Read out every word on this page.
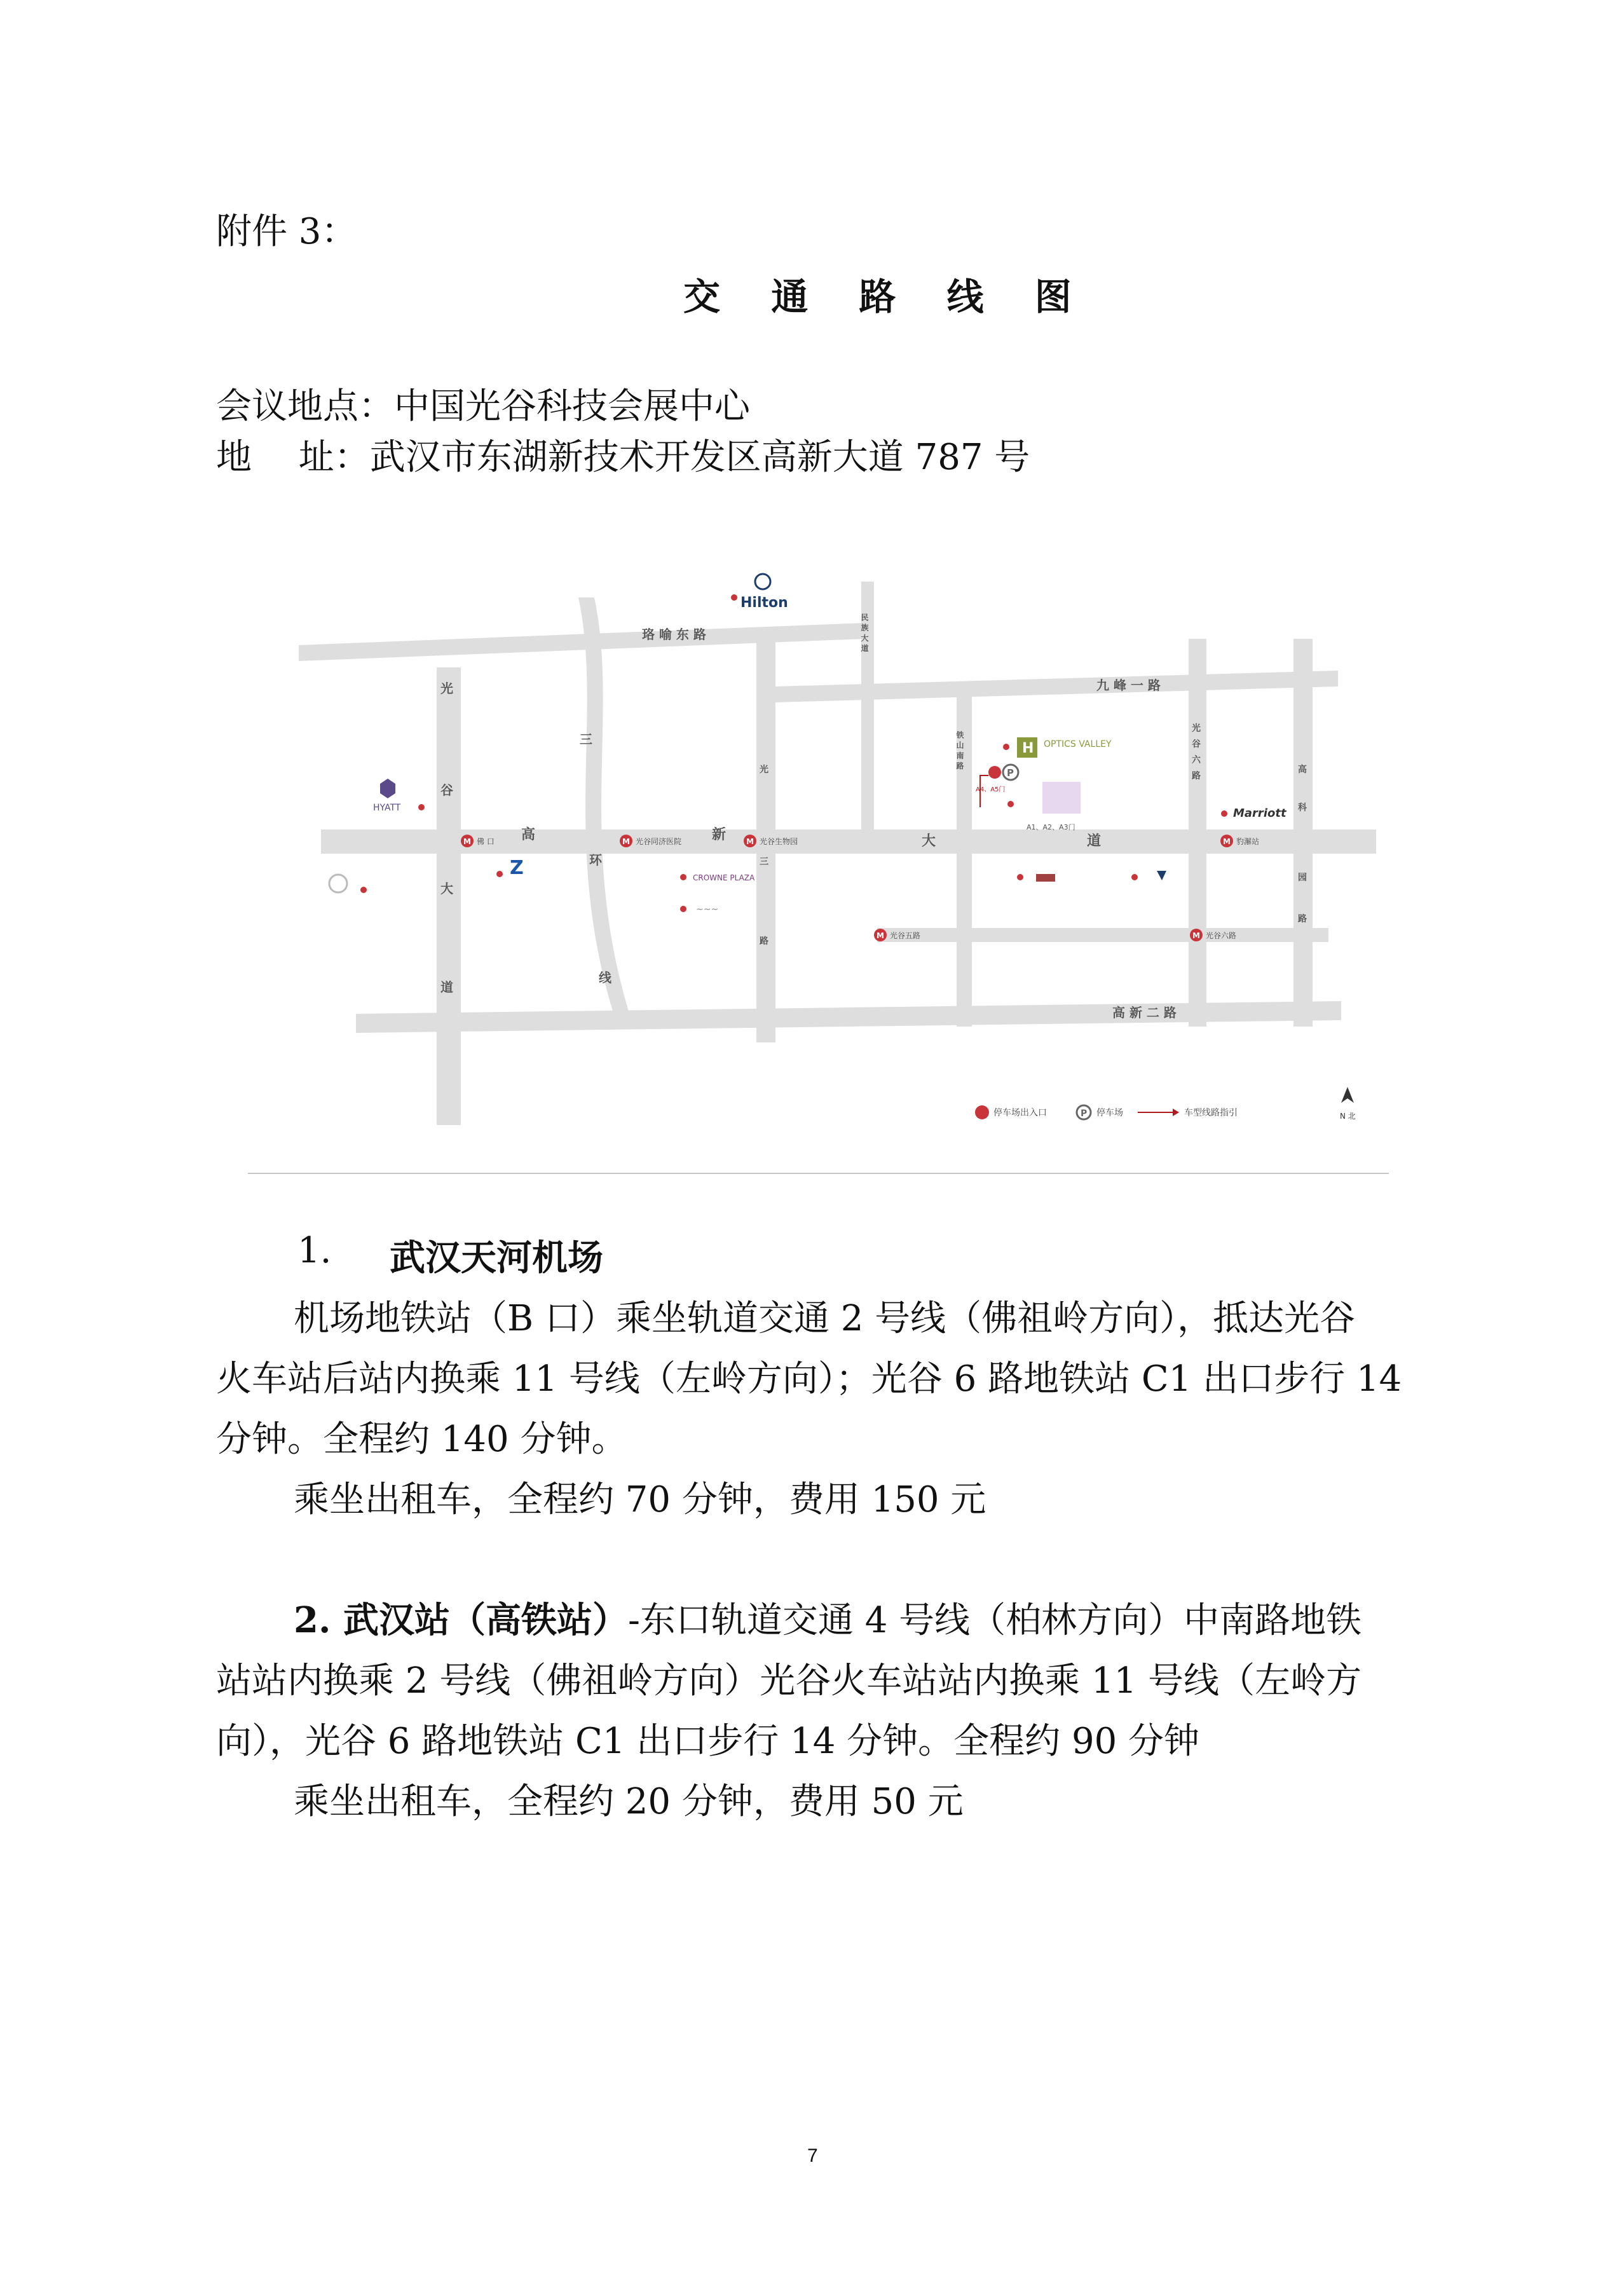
附件 3：
交 通 路 线 图
会议地点：中国光谷科技会展中心
地　 址：武汉市东湖新技术开发区高新大道 787 号
珞 喻 东 路
九 峰 一 路
高 新 二 路
光
谷
大
道
高	新	大	道
三
环
线
光
三
路
光
谷
六
路
高
科
园
路
铁 山 南 路
民 族 大 道
M 佛 口	M 光谷同济医院	M 光谷生物园
M 光谷五路	M 光谷六路
M 豹澥站
Hilton
HYATT
Z	CROWNE PLAZA
~~~
H OPTICS VALLEY
A1、A2、A3门
P
A4、A5门
Marriott
停车场出入口	P 停车场	车型线路指引	N 北
1. 武汉天河机场
机场地铁站（B 口）乘坐轨道交通 2 号线（佛祖岭方向），抵达光谷
火车站后站内换乘 11 号线（左岭方向）；光谷 6 路地铁站 C1 出口步行 14
分钟。全程约 140 分钟。
乘坐出租车，全程约 70 分钟，费用 150 元
2. 武汉站（高铁站）-东口轨道交通 4 号线（柏林方向）中南路地铁
站站内换乘 2 号线（佛祖岭方向）光谷火车站站内换乘 11 号线（左岭方
向），光谷 6 路地铁站 C1 出口步行 14 分钟。全程约 90 分钟
乘坐出租车，全程约 20 分钟，费用 50 元
7
